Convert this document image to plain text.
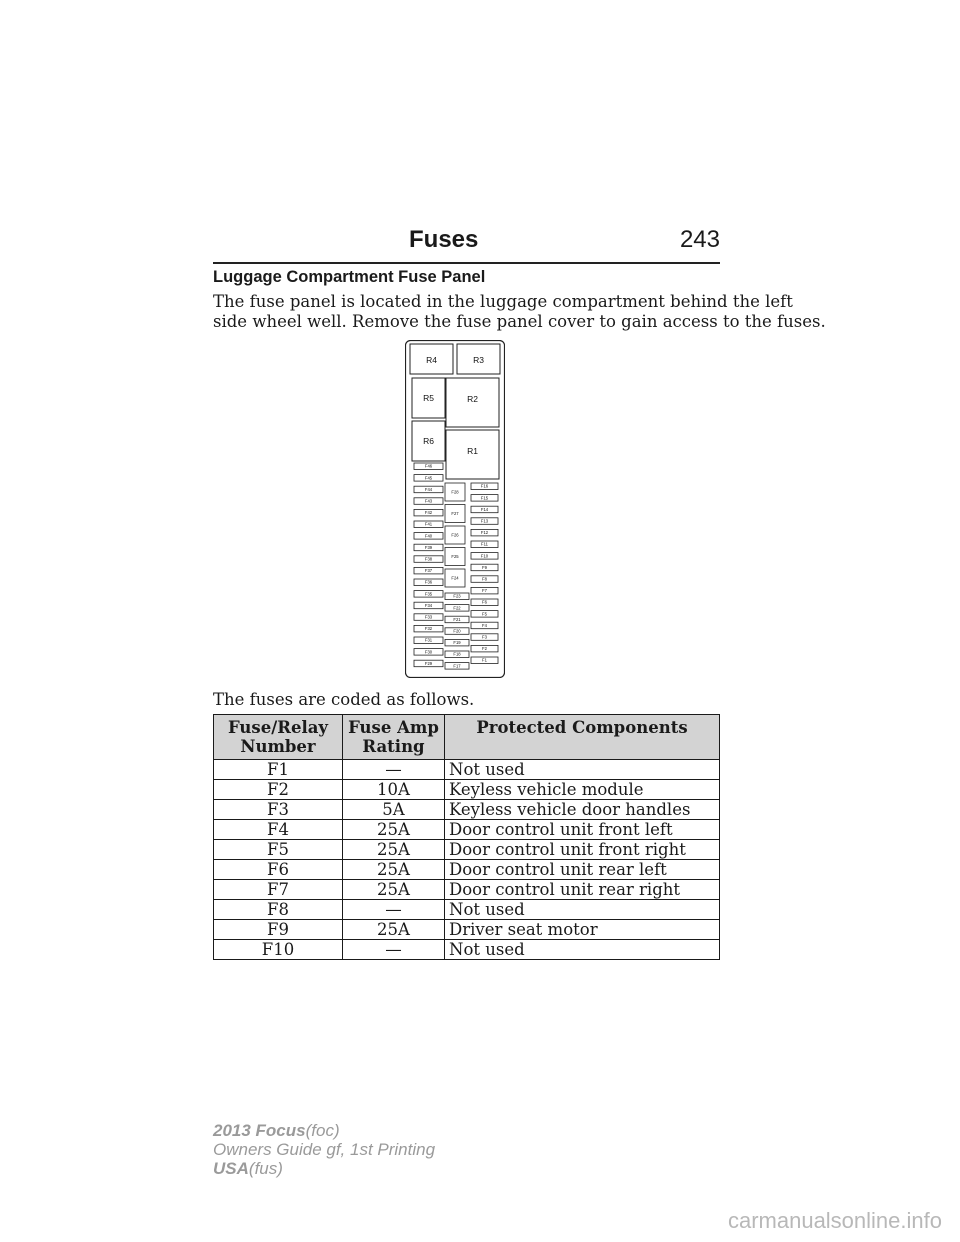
Fuses	243
Luggage Compartment Fuse Panel
The fuse panel is located in the luggage compartment behind the left
side wheel well. Remove the fuse panel cover to gain access to the fuses.
R4	R3
R5	R2
R6
R1
F46
F45
F44
F43
F42
F41
F40
F39
F38
F37
F36
F35
F34
F33
F32
F31
F30
F29
F28
F27
F26
F25
F24
F23
F22
F21
F20
F19
F18
F17
F16
F15
F14
F13
F12
F11
F10
F9
F8
F7
F6
F5
F4
F3
F2
F1
The fuses are coded as follows.
Fuse/Relay Number	Fuse Amp Rating	Protected Components
F1	—	Not used
F2	10A	Keyless vehicle module
F3	5A	Keyless vehicle door handles
F4	25A	Door control unit front left
F5	25A	Door control unit front right
F6	25A	Door control unit rear left
F7	25A	Door control unit rear right
F8	—	Not used
F9	25A	Driver seat motor
F10	—	Not used
2013 Focus(foc)
Owners Guide gf, 1st Printing
USA(fus)
carmanualsonline.info
